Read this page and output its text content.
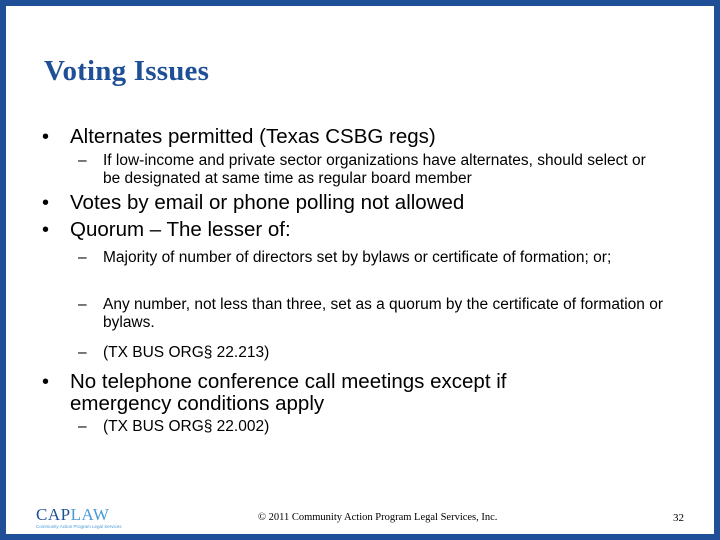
Voting Issues
• Alternates permitted (Texas CSBG regs)
– If low-income and private sector organizations have alternates, should select or be designated at same time as regular board member
• Votes by email or phone polling not allowed
• Quorum – The lesser of:
– Majority of number of directors set by bylaws or certificate of formation; or;
– Any number, not less than three, set as a quorum by the certificate of formation or bylaws.
– (TX BUS ORG§ 22.213)
• No telephone conference call meetings except if emergency conditions apply
– (TX BUS ORG§ 22.002)
CAPLAW
Community Action Program Legal Services
© 2011 Community Action Program Legal Services, Inc.	32
